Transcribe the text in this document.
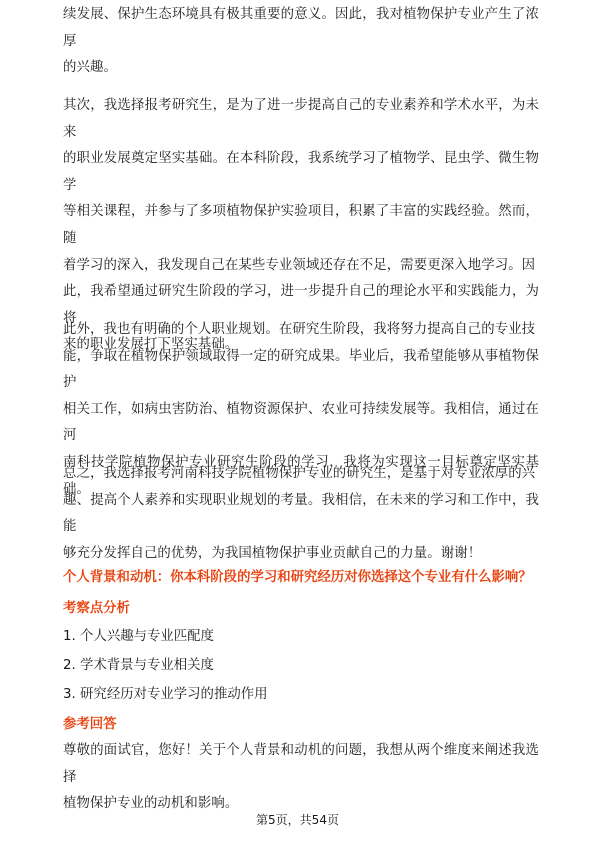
续发展、保护生态环境具有极其重要的意义。因此，我对植物保护专业产生了浓厚
的兴趣。

其次，我选择报考研究生，是为了进一步提高自己的专业素养和学术水平，为未来
的职业发展奠定坚实基础。在本科阶段，我系统学习了植物学、昆虫学、微生物学
等相关课程，并参与了多项植物保护实验项目，积累了丰富的实践经验。然而，随
着学习的深入，我发现自己在某些专业领域还存在不足，需要更深入地学习。因
此，我希望通过研究生阶段的学习，进一步提升自己的理论水平和实践能力，为将
来的职业发展打下坚实基础。

此外，我也有明确的个人职业规划。在研究生阶段，我将努力提高自己的专业技
能，争取在植物保护领域取得一定的研究成果。毕业后，我希望能够从事植物保护
相关工作，如病虫害防治、植物资源保护、农业可持续发展等。我相信，通过在河
南科技学院植物保护专业研究生阶段的学习，我将为实现这一目标奠定坚实基础。

总之，我选择报考河南科技学院植物保护专业的研究生，是基于对专业浓厚的兴
趣、提高个人素养和实现职业规划的考量。我相信，在未来的学习和工作中，我能
够充分发挥自己的优势，为我国植物保护事业贡献自己的力量。谢谢！

个人背景和动机：你本科阶段的学习和研究经历对你选择这个专业有什么影响？

考察点分析

1. 个人兴趣与专业匹配度
2. 学术背景与专业相关度
3. 研究经历对专业学习的推动作用

参考回答

尊敬的面试官，您好！关于个人背景和动机的问题，我想从两个维度来阐述我选择
植物保护专业的动机和影响。

第5页，共54页
